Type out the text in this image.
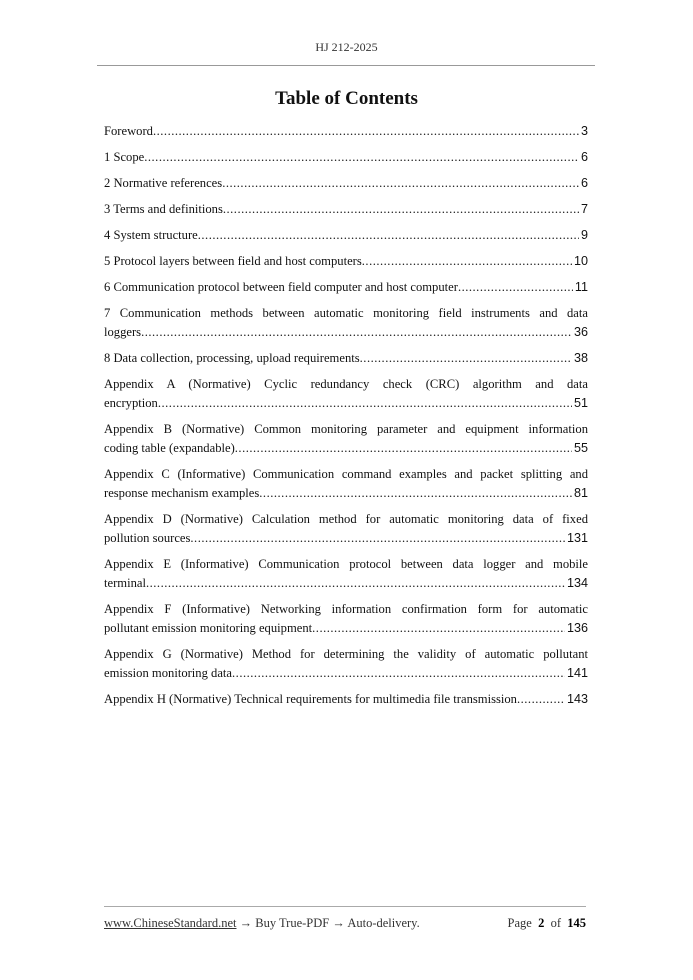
HJ 212-2025
Table of Contents
Foreword .....	3
1 Scope .....	6
2 Normative references .....	6
3 Terms and definitions .....	7
4 System structure .....	9
5 Protocol layers between field and host computers .....	10
6 Communication protocol between field computer and host computer .....	11
7 Communication methods between automatic monitoring field instruments and data
loggers .....	36
8 Data collection, processing, upload requirements .....	38
Appendix A (Normative) Cyclic redundancy check (CRC) algorithm and data
encryption .....	51
Appendix B (Normative) Common monitoring parameter and equipment information
coding table (expandable) .....	55
Appendix C (Informative) Communication command examples and packet splitting and
response mechanism examples .....	81
Appendix D (Normative) Calculation method for automatic monitoring data of fixed
pollution sources .....	131
Appendix E (Informative) Communication protocol between data logger and mobile
terminal .....	134
Appendix F (Informative) Networking information confirmation form for automatic
pollutant emission monitoring equipment .....	136
Appendix G (Normative) Method for determining the validity of automatic pollutant
emission monitoring data .....	141
Appendix H (Normative) Technical requirements for multimedia file transmission .....	143
www.ChineseStandard.net → Buy True-PDF → Auto-delivery.	Page 2 of 145
